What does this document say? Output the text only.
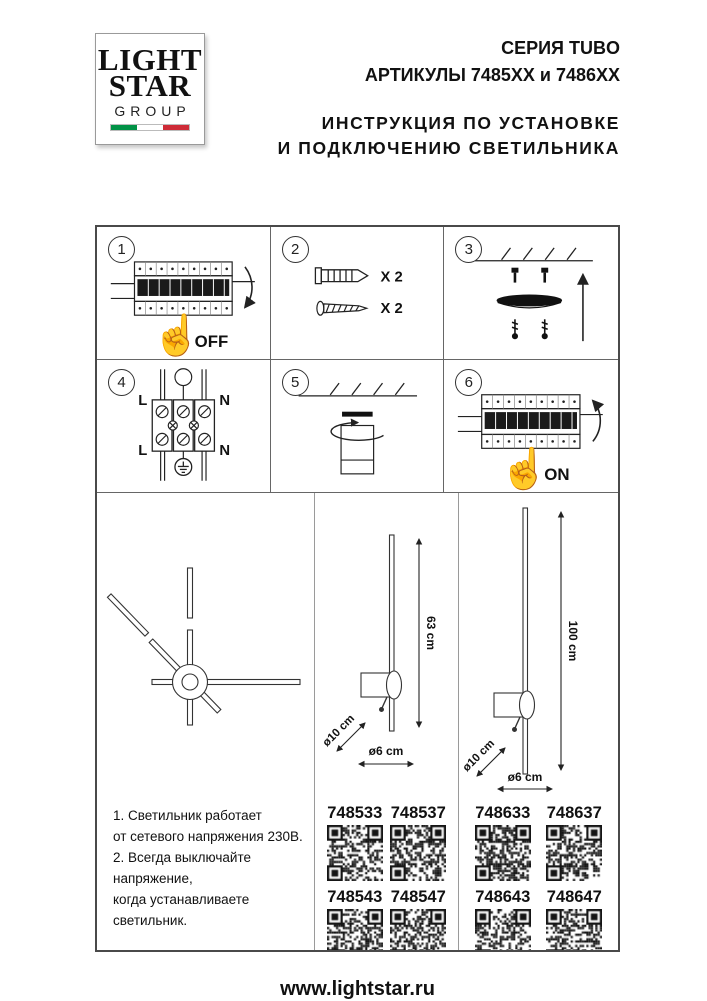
LIGHT
STAR
GROUP
СЕРИЯ TUBO
АРТИКУЛЫ 7485XX и 7486XX
ИНСТРУКЦИЯ ПО УСТАНОВКЕ
И ПОДКЛЮЧЕНИЮ СВЕТИЛЬНИКА
1
☝
OFF
2
X 2
X 2
3
4
L	N
L	N
5	6
☝
ON
1. Светильник работает
от сетевого напряжения 230В.
2. Всегда выключайте напряжение,
когда устанавливаете светильник.
63 cm
ø10 cm
ø6 cm
748533 748537
748543 748547
100 cm
ø10 cm
ø6 cm
748633 748637
748643 748647
www.lightstar.ru
